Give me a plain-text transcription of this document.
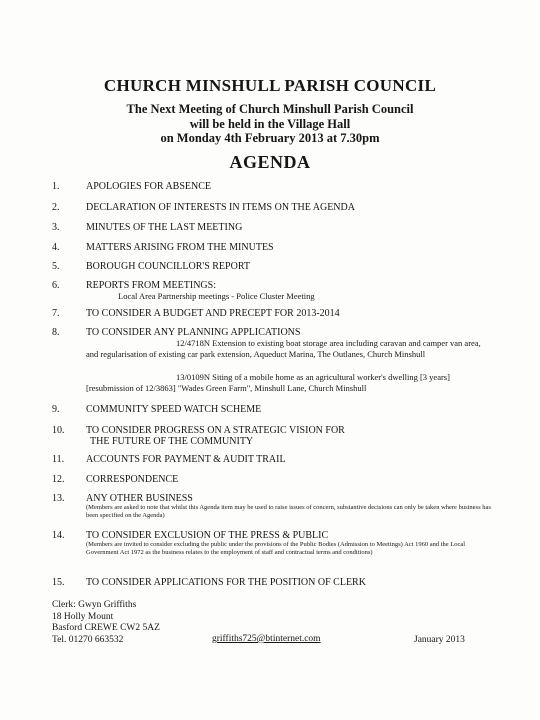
CHURCH MINSHULL PARISH COUNCIL
The Next Meeting of Church Minshull Parish Council
will be held in the Village Hall
on Monday 4th February 2013 at 7.30pm
AGENDA
1.	APOLOGIES FOR ABSENCE
2.	DECLARATION OF INTERESTS IN ITEMS ON THE AGENDA
3.	MINUTES OF THE LAST MEETING
4.	MATTERS ARISING FROM THE MINUTES
5.	BOROUGH COUNCILLOR'S REPORT
6.	REPORTS FROM MEETINGS:
Local Area Partnership meetings - Police Cluster Meeting
7.	TO CONSIDER A BUDGET AND PRECEPT FOR 2013-2014
8.	TO CONSIDER ANY PLANNING APPLICATIONS
12/4718N Extension to existing boat storage area including caravan and camper van area, and regularisation of existing car park extension, Aqueduct Marina, The Outlanes, Church Minshull
13/0109N Siting of a mobile home as an agricultural worker's dwelling [3 years] [resubmission of 12/3863] "Wades Green Farm", Minshull Lane, Church Minshull
9.	COMMUNITY SPEED WATCH SCHEME
10. TO CONSIDER PROGRESS ON A STRATEGIC VISION FOR
THE FUTURE OF THE COMMUNITY
11. ACCOUNTS FOR PAYMENT & AUDIT TRAIL
12. CORRESPONDENCE
13. ANY OTHER BUSINESS
(Members are asked to note that whilst this Agenda item may be used to raise issues of concern, substantive decisions can only be taken where business has been specified on the Agenda)
14. TO CONSIDER EXCLUSION OF THE PRESS & PUBLIC
(Members are invited to consider excluding the public under the provisions of the Public Bodies (Admission to Meetings) Act 1960 and the Local Government Act 1972 as the business relates to the employment of staff and contractual terms and conditions)
15. TO CONSIDER APPLICATIONS FOR THE POSITION OF CLERK
Clerk: Gwyn Griffiths
18 Holly Mount
Basford CREWE CW2 5AZ
Tel. 01270 663532	griffiths725@btinternet.com	January 2013
